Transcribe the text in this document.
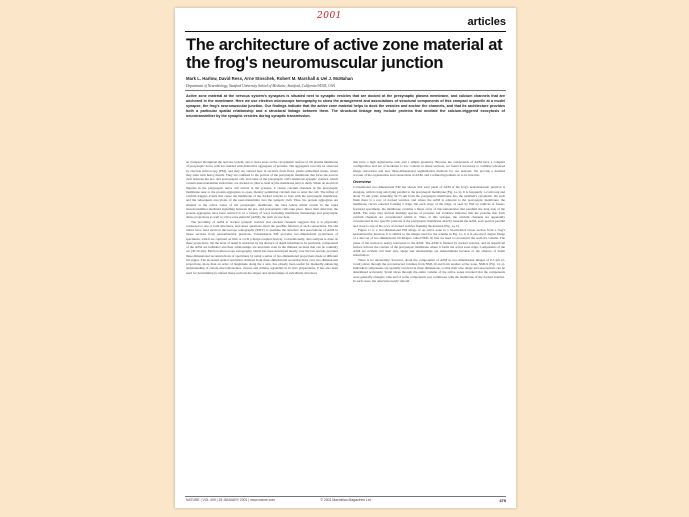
2001	articles
The architecture of active zone material at the frog's neuromuscular junction
Mark L. Harlow, David Ress, Arne Stoschek, Robert M. Marshall & Uel J. McMahan
Department of Neurobiology, Stanford University School of Medicine, Stanford, California 94305, USA
Active zone material at the nervous system's synapses is situated next to synaptic vesicles that are docked at the presynaptic plasma membrane, and calcium channels that are anchored in the membrane. Here we use electron microscope tomography to show the arrangement and associations of structural components of this compact organelle at a model synapse, the frog's neuromuscular junction. Our findings indicate that the active zone material helps to dock the vesicles and anchor the channels, and that its architecture provides both a particular spatial relationship and a structural linkage between them. The structural linkage may include proteins that mediate the calcium-triggered exocytosis of neurotransmitter by the synaptic vesicles during synaptic transmission.

At synapses throughout the nervous system, one or more areas on the cytoplasmic surface of the plasma membrane of presynaptic nerve cells are studded with distinctive aggregates of proteins. The aggregates can only be observed by electron microscopy (EM), and they are viewed here in sections from fixed, plastic-embedded tissue, where they stain with heavy metals. They are confined to the portion of the presynaptic membrane that faces the narrow cleft between the pre- and postsynaptic cell, and some of the presynaptic cell's numerous synaptic vesicles, which contain neurotransmitter molecules, are docked on (that is, held at) the membrane next to them. When an electrical impulse in the presynaptic nerve cell arrives at the synapse, it causes calcium channels in the presynaptic membrane near to the protein aggregates to open, thereby permitting calcium ions to enter the cell. The influx of calcium triggers events that cause the membrane of the docked vesicles to fuse with the presynaptic membrane, and the subsequent exocytosis of the neurotransmitter into the synaptic cleft. Thus, the protein aggregates are situated at the active zones of the presynaptic membrane, the sites where initial events in the rapid neurotransmitter-mediated signalling between the pre- and postsynaptic cells take place. Since their detection, the protein aggregates have been referred to in a variety of ways including membrane thickenings and presynaptic dense projections as well as active zone material (AZM), the term we use here.

The proximity of AZM to docked synaptic vesicles and calcium channels suggests that it is physically connected to one or both structures, and raises questions about the possible function of such connections. We and others have used electron microscope tomography (EMT) to examine the structure and associations of AZM in tissue sections from neuromuscular junctions. Transmission EM provides two-dimensional projections of specimens, which are captured on film or CCD (charge-coupled device). Conventionally, data analysis is done on these projections, but the level of detail is restricted by the absence of depth information. In particular, components of the AZM are indistinct and their relationships are uncertain even in the thinnest sections that can be routinely cut (30-50 nm). Electron microscope tomography, which has been developed mostly over the last decade, provides three-dimensional reconstructions of specimens by using a series of two-dimensional projections made at different tilt angles. The increased spatial resolution obtained from three-dimensional reconstructions over two-dimensional projections, more than an order of magnitude along the z axis, has already been useful for markedly enhancing understanding of certain macromolecules, viruses and cellular organelles in in vitro preparations. It has also been used for determining in stained tissue sections the shapes and relationships of subcellular structures

that have a high signal:noise ratio and a simple geometry. Because the components of AZM have a complex configuration and are of moderate to low contrast in tissue sections, we found it necessary to combine advanced image restoration and new three-dimensional segmentation methods for our analysis. We provide a detailed account of the organization and connections of AZM, and a refined hypothesis as to its function.

Overview

Conventional two-dimensional EM has shown that each patch of AZM at the frog's neuromuscular junction is elongate, with its long axis lying parallel to the presynaptic membrane (Fig. 1a, b). It is frequently 1-2 um long and about 75 nm wide, extending 50-75 nm from the presynaptic membrane into the terminal's cytoplasm. On each flank there is a row of docked vesicles, and where the AZM is adjacent to the presynaptic membrane, the membrane curves outward forming a ridge. On each slope of the ridge, as seen by EM on replicas of freeze-fractured specimens, the membrane contains a linear array of macromolecules that parallels the long axis of the AZM. The array may include multiple species of proteins, but evidence indicates that the proteins that form calcium channels are concentrated within it. Thus, at this synapse, the calcium channels are apparently concentrated in two specific portions of the presynaptic membrane directly beneath the AZM, each portion parallel and close to one of the rows of docked vesicles flanking the material (Fig. 1a, b).

Figure 1c is a two-dimensional EM image of an active zone in a 50-nm-thick tissue section from a frog's neuromuscular junction. It is similar to the images used for the scheme in Fig. 1a, b; it is also the 0 degree image of a data set of two-dimensional tilt images, called NMJ-10, that we used to reconstruct the section's volume. The plane of the section is nearly transverse to the AZM. The AZM is flanked by docked vesicles, and its superficial surface follows the contour of the presynaptic membrane where it forms the active zone ridge. Components of the AZM are evident, but their size, shape and relationships are indeterminate because of the absence of depth information.

There is no uncertainty, however, about the components of AZM in two-dimensional images of 0.5 nm (2-voxel) slices through the reconstructed volumes from NMJ-10 and from another active zone, NMJ-9 (Fig. 1d, e). Individual components are spatially resolved in three dimensions, so that their size, shape and associations can be determined accurately. Serial slices through the entire volume of the active zones revealed that the components were generally elongate. One end of some components was continuous with the membrane of the docked vesicles. In such cases, the otherwise nearly smooth

NATURE | VOL 409 | 25 JANUARY 2001 | www.nature.com	© 2001 Macmillan Magazines Ltd	479
